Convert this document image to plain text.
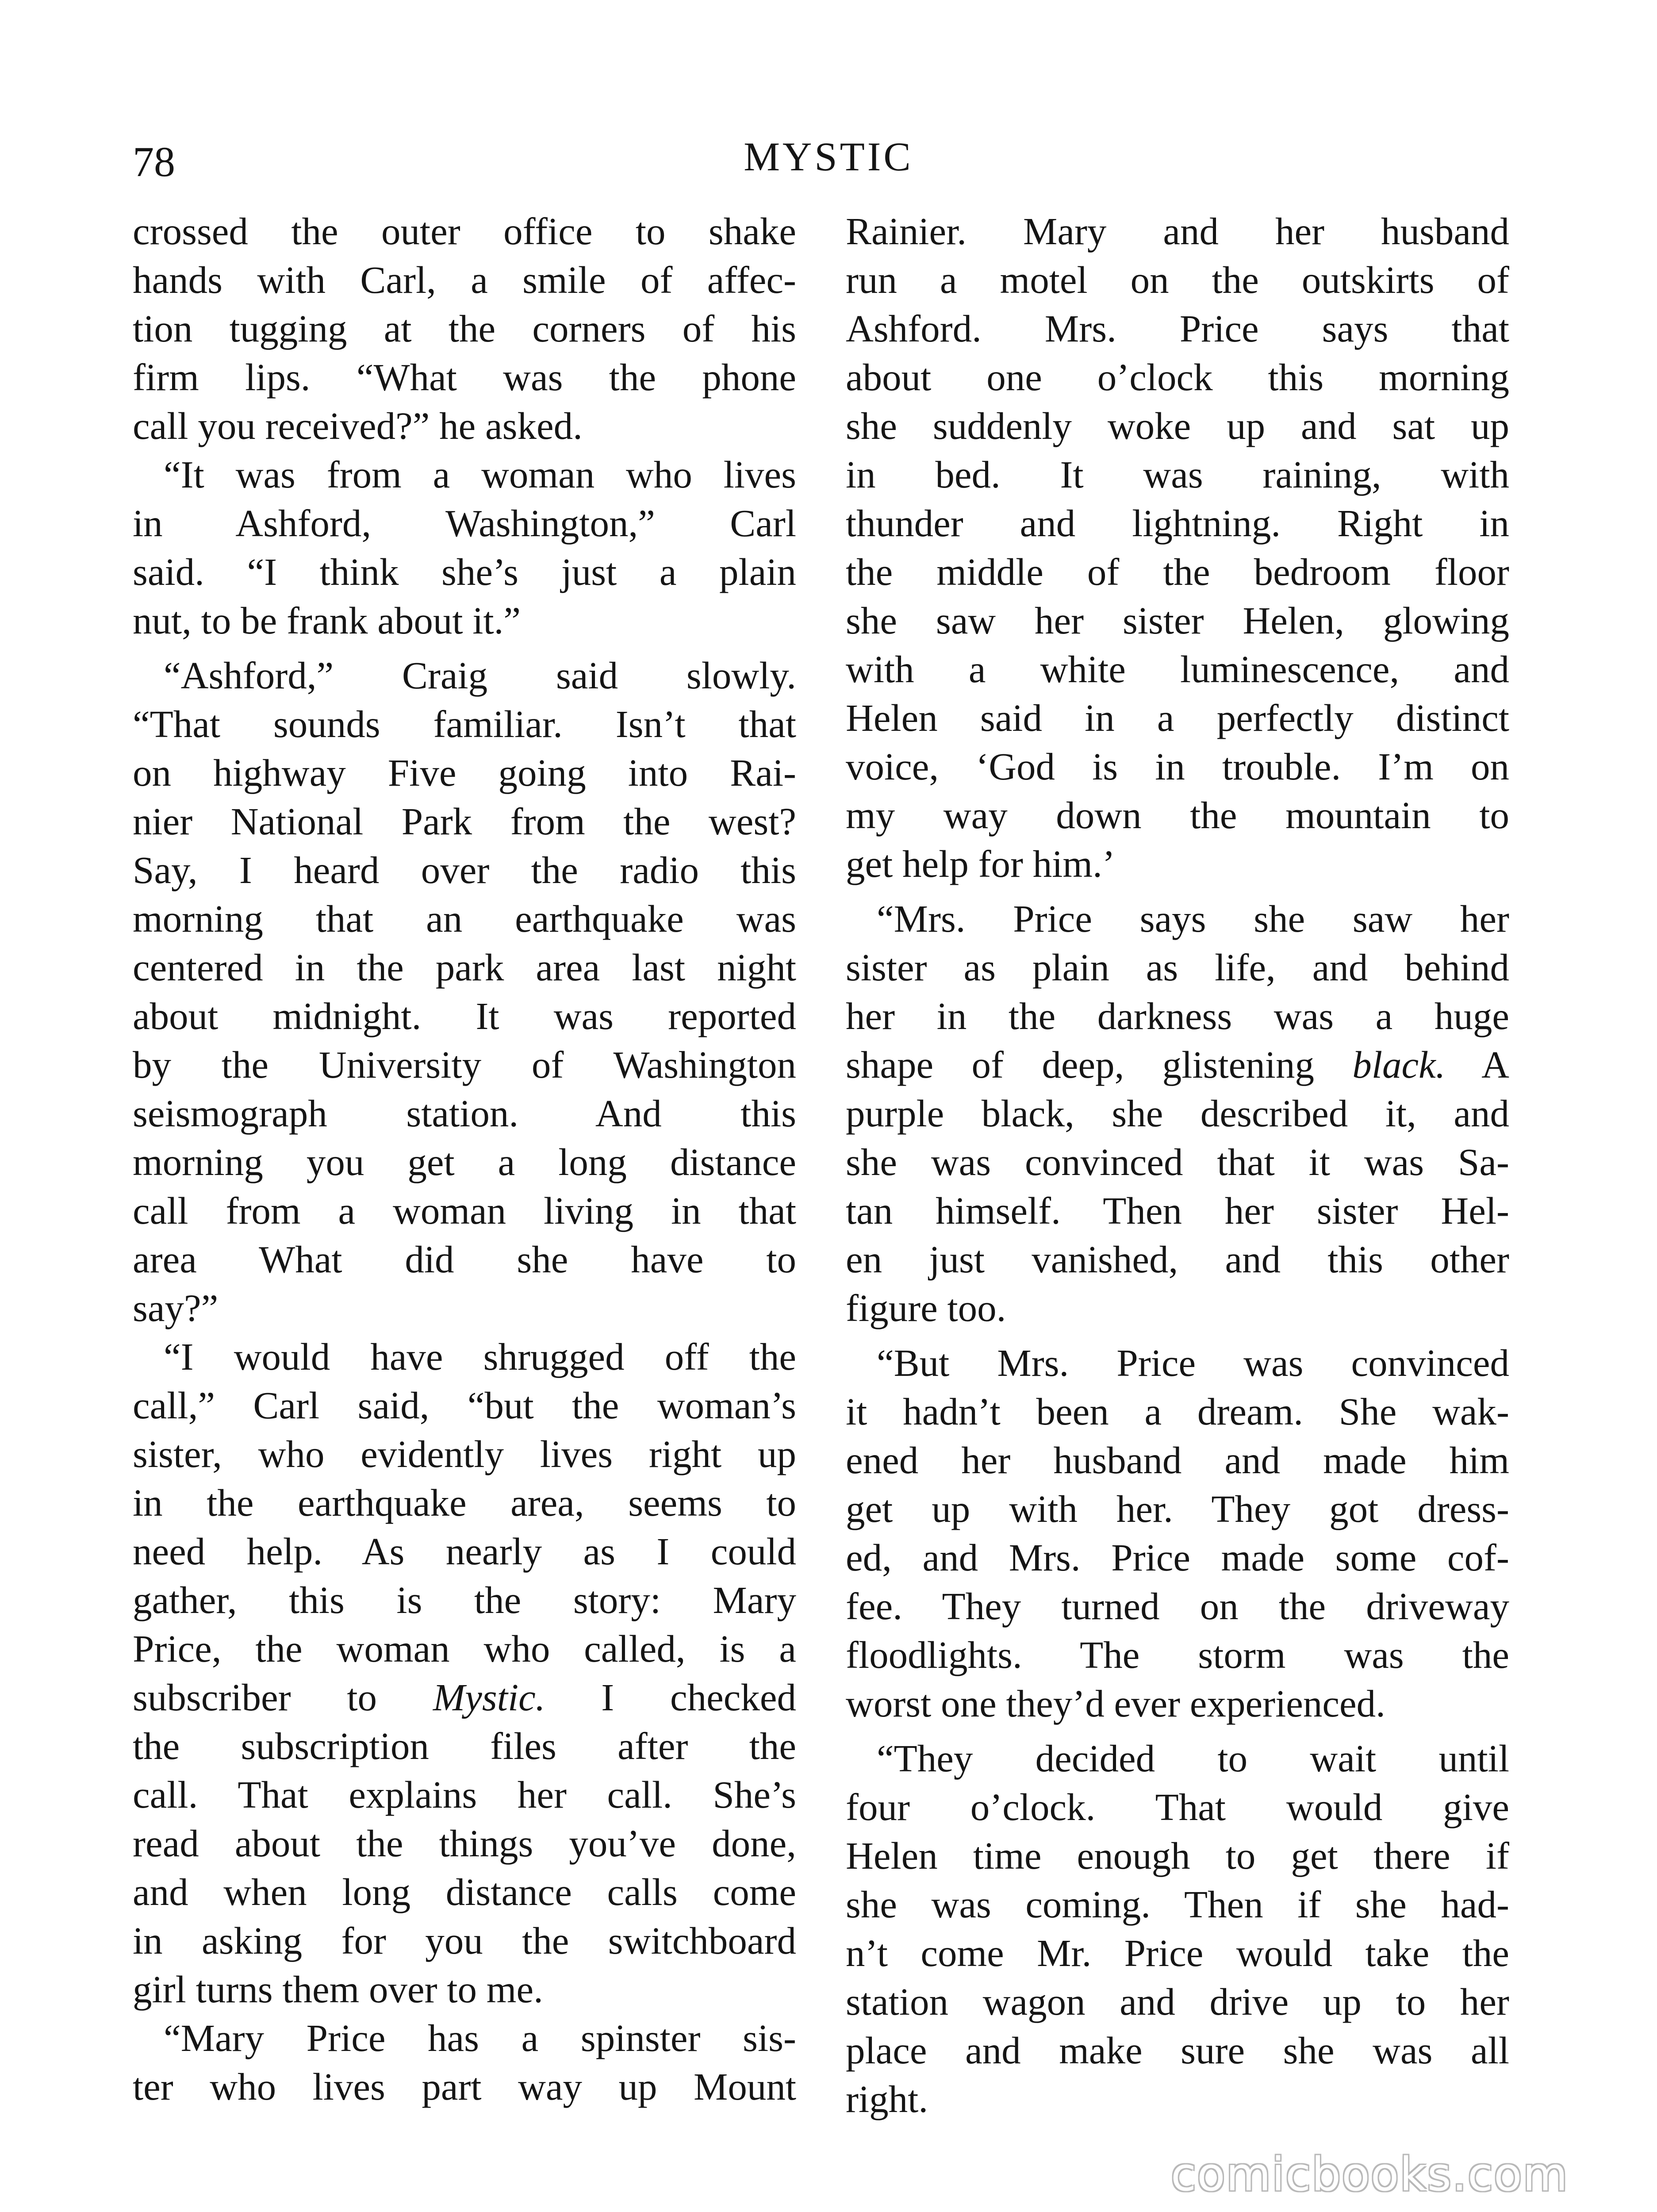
78	MYSTIC
crossed the outer office to shake
hands with Carl, a smile of affec-
tion tugging at the corners of his
firm lips. “What was the phone
call you received?” he asked.
“It was from a woman who lives
in Ashford, Washington,” Carl
said. “I think she’s just a plain
nut, to be frank about it.”
“Ashford,” Craig said slowly.
“That sounds familiar. Isn’t that
on highway Five going into Rai-
nier National Park from the west?
Say, I heard over the radio this
morning that an earthquake was
centered in the park area last night
about midnight. It was reported
by the University of Washington
seismograph station. And this
morning you get a long distance
call from a woman living in that
area What did she have to
say?”
“I would have shrugged off the
call,” Carl said, “but the woman’s
sister, who evidently lives right up
in the earthquake area, seems to
need help. As nearly as I could
gather, this is the story: Mary
Price, the woman who called, is a
subscriber to Mystic. I checked
the subscription files after the
call. That explains her call. She’s
read about the things you’ve done,
and when long distance calls come
in asking for you the switchboard
girl turns them over to me.
“Mary Price has a spinster sis-
ter who lives part way up Mount
Rainier. Mary and her husband
run a motel on the outskirts of
Ashford. Mrs. Price says that
about one o’clock this morning
she suddenly woke up and sat up
in bed. It was raining, with
thunder and lightning. Right in
the middle of the bedroom floor
she saw her sister Helen, glowing
with a white luminescence, and
Helen said in a perfectly distinct
voice, ‘God is in trouble. I’m on
my way down the mountain to
get help for him.’
“Mrs. Price says she saw her
sister as plain as life, and behind
her in the darkness was a huge
shape of deep, glistening black. A
purple black, she described it, and
she was convinced that it was Sa-
tan himself. Then her sister Hel-
en just vanished, and this other
figure too.
“But Mrs. Price was convinced
it hadn’t been a dream. She wak-
ened her husband and made him
get up with her. They got dress-
ed, and Mrs. Price made some cof-
fee. They turned on the driveway
floodlights. The storm was the
worst one they’d ever experienced.
“They decided to wait until
four o’clock. That would give
Helen time enough to get there if
she was coming. Then if she had-
n’t come Mr. Price would take the
station wagon and drive up to her
place and make sure she was all
right.
comicbooks.com
